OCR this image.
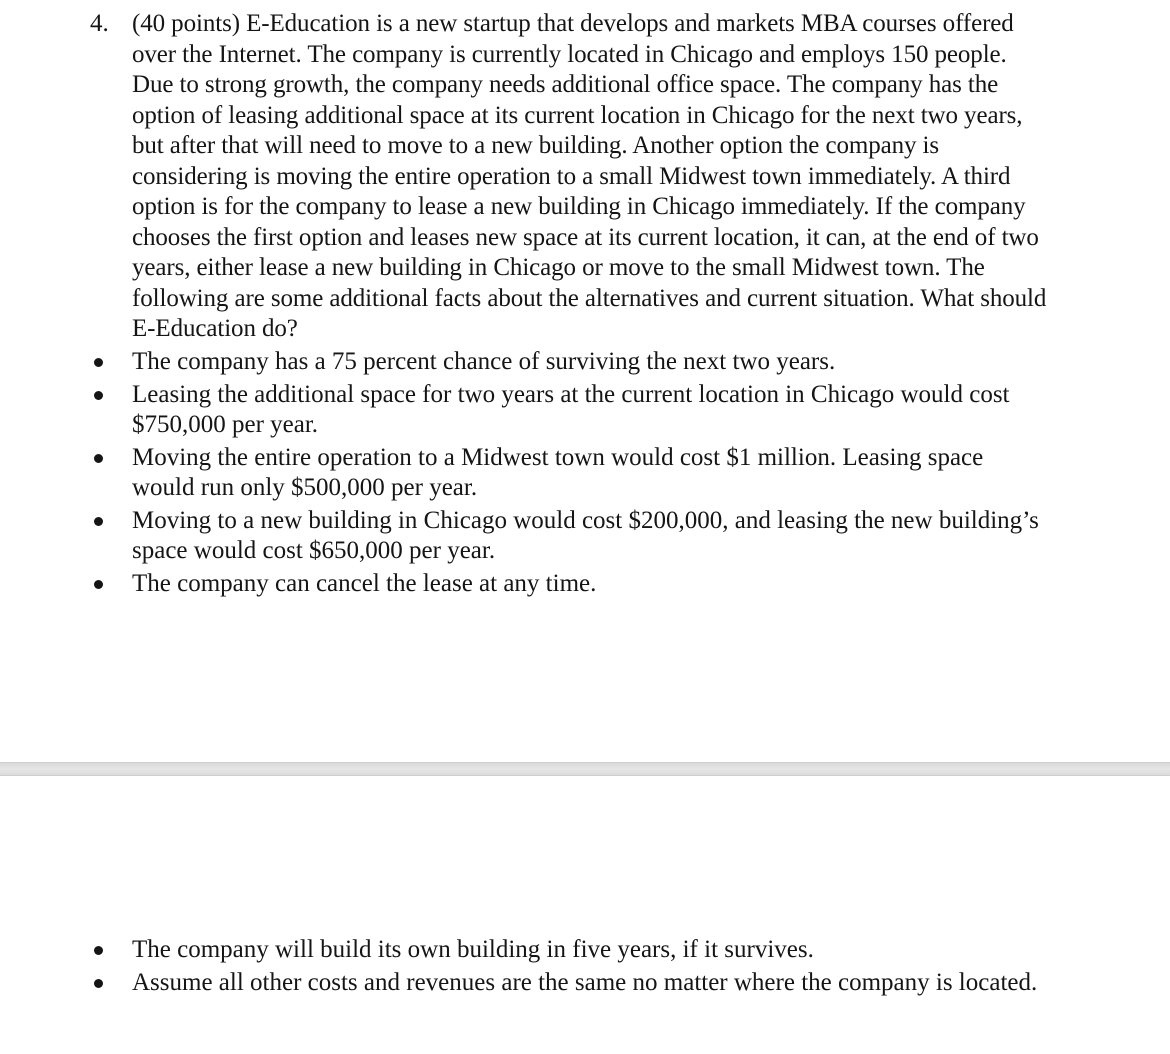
4. (40 points) E-Education is a new startup that develops and markets MBA courses offered over the Internet. The company is currently located in Chicago and employs 150 people. Due to strong growth, the company needs additional office space. The company has the option of leasing additional space at its current location in Chicago for the next two years, but after that will need to move to a new building. Another option the company is considering is moving the entire operation to a small Midwest town immediately. A third option is for the company to lease a new building in Chicago immediately. If the company chooses the first option and leases new space at its current location, it can, at the end of two years, either lease a new building in Chicago or move to the small Midwest town. The following are some additional facts about the alternatives and current situation. What should E-Education do?

The company has a 75 percent chance of surviving the next two years.
Leasing the additional space for two years at the current location in Chicago would cost $750,000 per year.
Moving the entire operation to a Midwest town would cost $1 million. Leasing space would run only $500,000 per year.
Moving to a new building in Chicago would cost $200,000, and leasing the new building’s space would cost $650,000 per year.
The company can cancel the lease at any time.
The company will build its own building in five years, if it survives.
Assume all other costs and revenues are the same no matter where the company is located.
